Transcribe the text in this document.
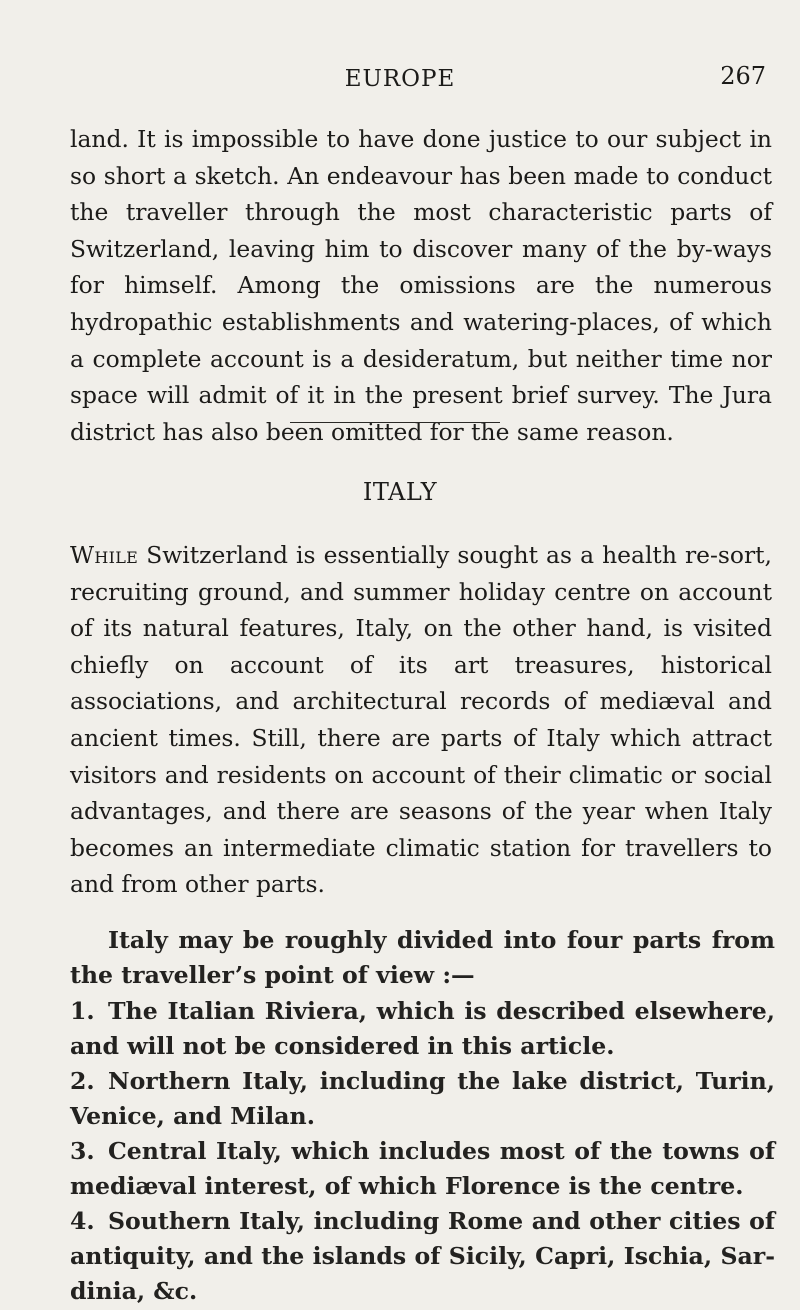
EUROPE	267

land. It is impossible to have done justice to our subject in so short a sketch. An endeavour has been made to conduct the traveller through the most characteristic parts of Switzerland, leaving him to discover many of the by-ways for himself. Among the omissions are the numerous hydropathic establishments and watering-places, of which a complete account is a desideratum, but neither time nor space will admit of it in the present brief survey. The Jura district has also been omitted for the same reason.

ITALY

While Switzerland is essentially sought as a health re-sort, recruiting ground, and summer holiday centre on account of its natural features, Italy, on the other hand, is visited chiefly on account of its art treasures, historical associations, and architectural records of mediæval and ancient times. Still, there are parts of Italy which attract visitors and residents on account of their climatic or social advantages, and there are seasons of the year when Italy becomes an intermediate climatic station for travellers to and from other parts.

Italy may be roughly divided into four parts from the traveller’s point of view :—

1. The Italian Riviera, which is described elsewhere, and will not be considered in this article.

2. Northern Italy, including the lake district, Turin, Venice, and Milan.

3. Central Italy, which includes most of the towns of mediæval interest, of which Florence is the centre.

4. Southern Italy, including Rome and other cities of antiquity, and the islands of Sicily, Capri, Ischia, Sar-dinia, &c.
